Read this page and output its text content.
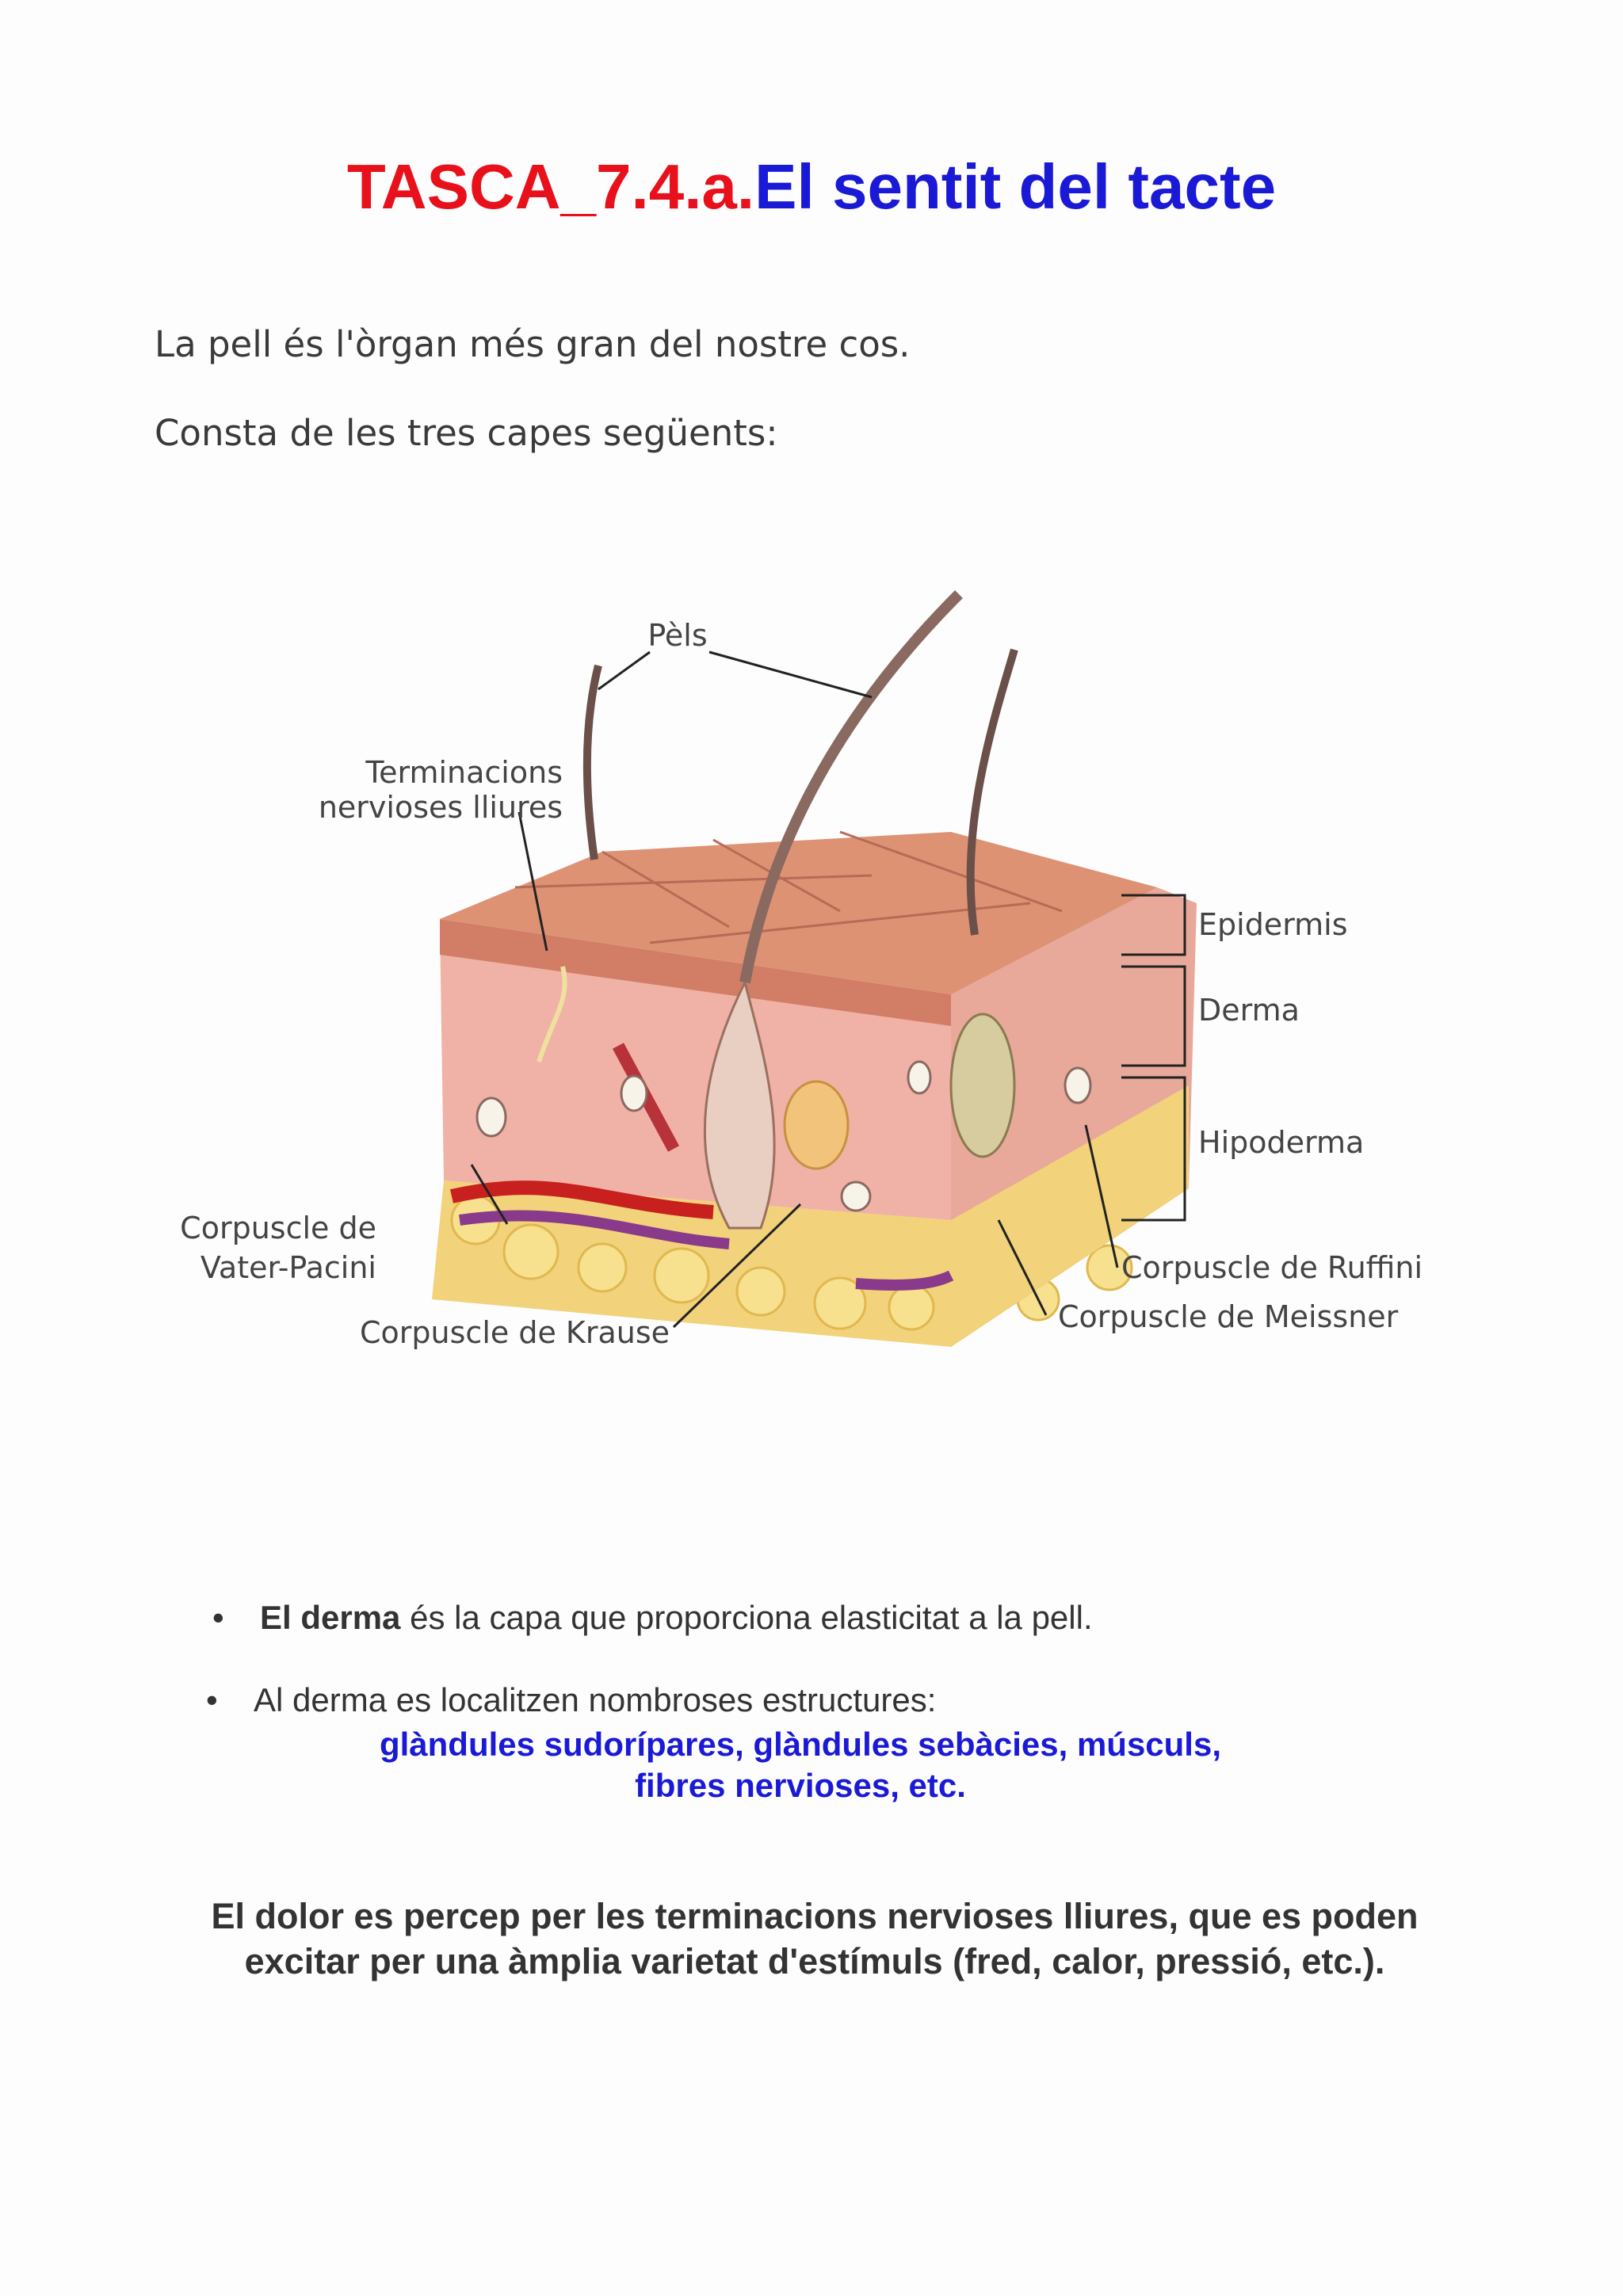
TASCA_7.4.a.El sentit del tacte

La pell és l'òrgan més gran del nostre cos.

Consta de les tres capes següents:

Pèls
Terminacions
nervioses lliures
Epidermis
Derma
Hipoderma
Corpuscle de
Vater-Pacini
Corpuscle de Krause
Corpuscle de Ruffini
Corpuscle de Meissner

• El derma és la capa que proporciona elasticitat a la pell.

• Al derma es localitzen nombroses estructures:

glàndules sudorípares, glàndules sebàcies, músculs,

fibres nervioses, etc.

El dolor es percep per les terminacions nervioses lliures, que es poden

excitar per una àmplia varietat d'estímuls (fred, calor, pressió, etc.).
